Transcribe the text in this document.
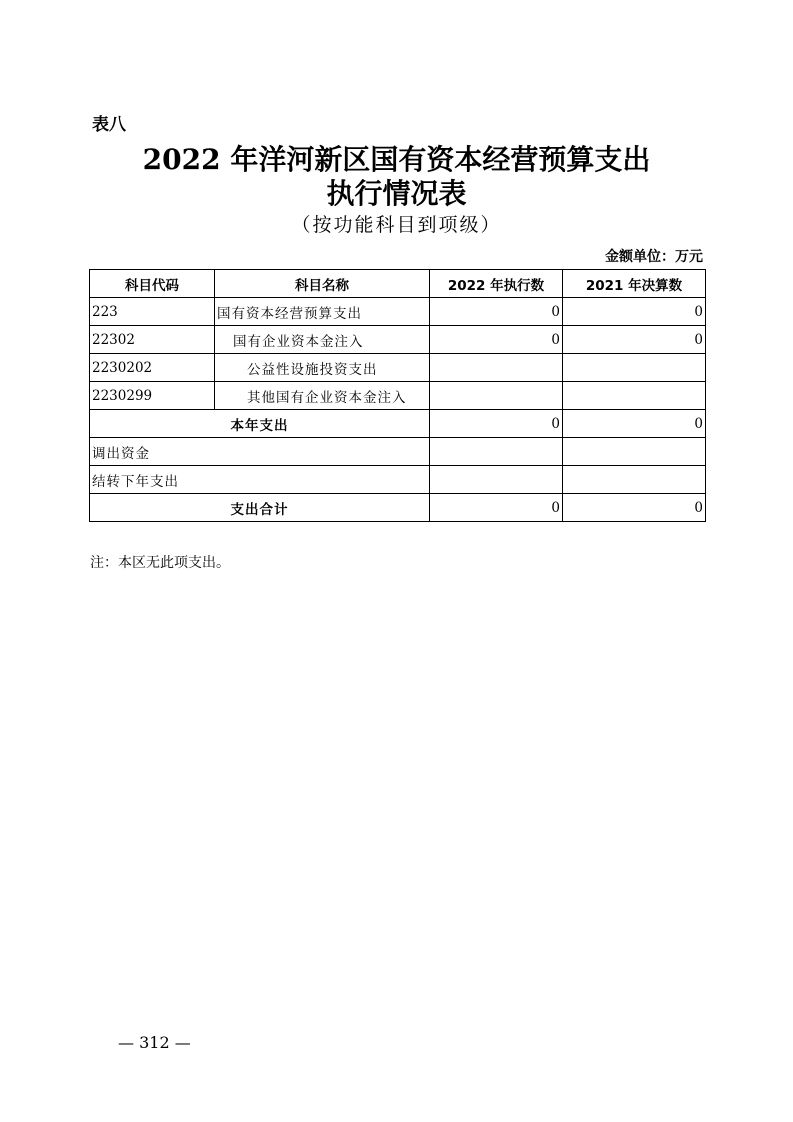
表八
2022 年洋河新区国有资本经营预算支出
执行情况表
（按功能科目到项级）
金额单位：万元
科目代码	科目名称	2022 年执行数	2021 年决算数
223	国有资本经营预算支出	0	0
22302	国有企业资本金注入	0	0
2230202	公益性设施投资支出		
2230299	其他国有企业资本金注入		
本年支出		0	0
调出资金			
结转下年支出			
支出合计		0	0
注：本区无此项支出。
— 312 —
